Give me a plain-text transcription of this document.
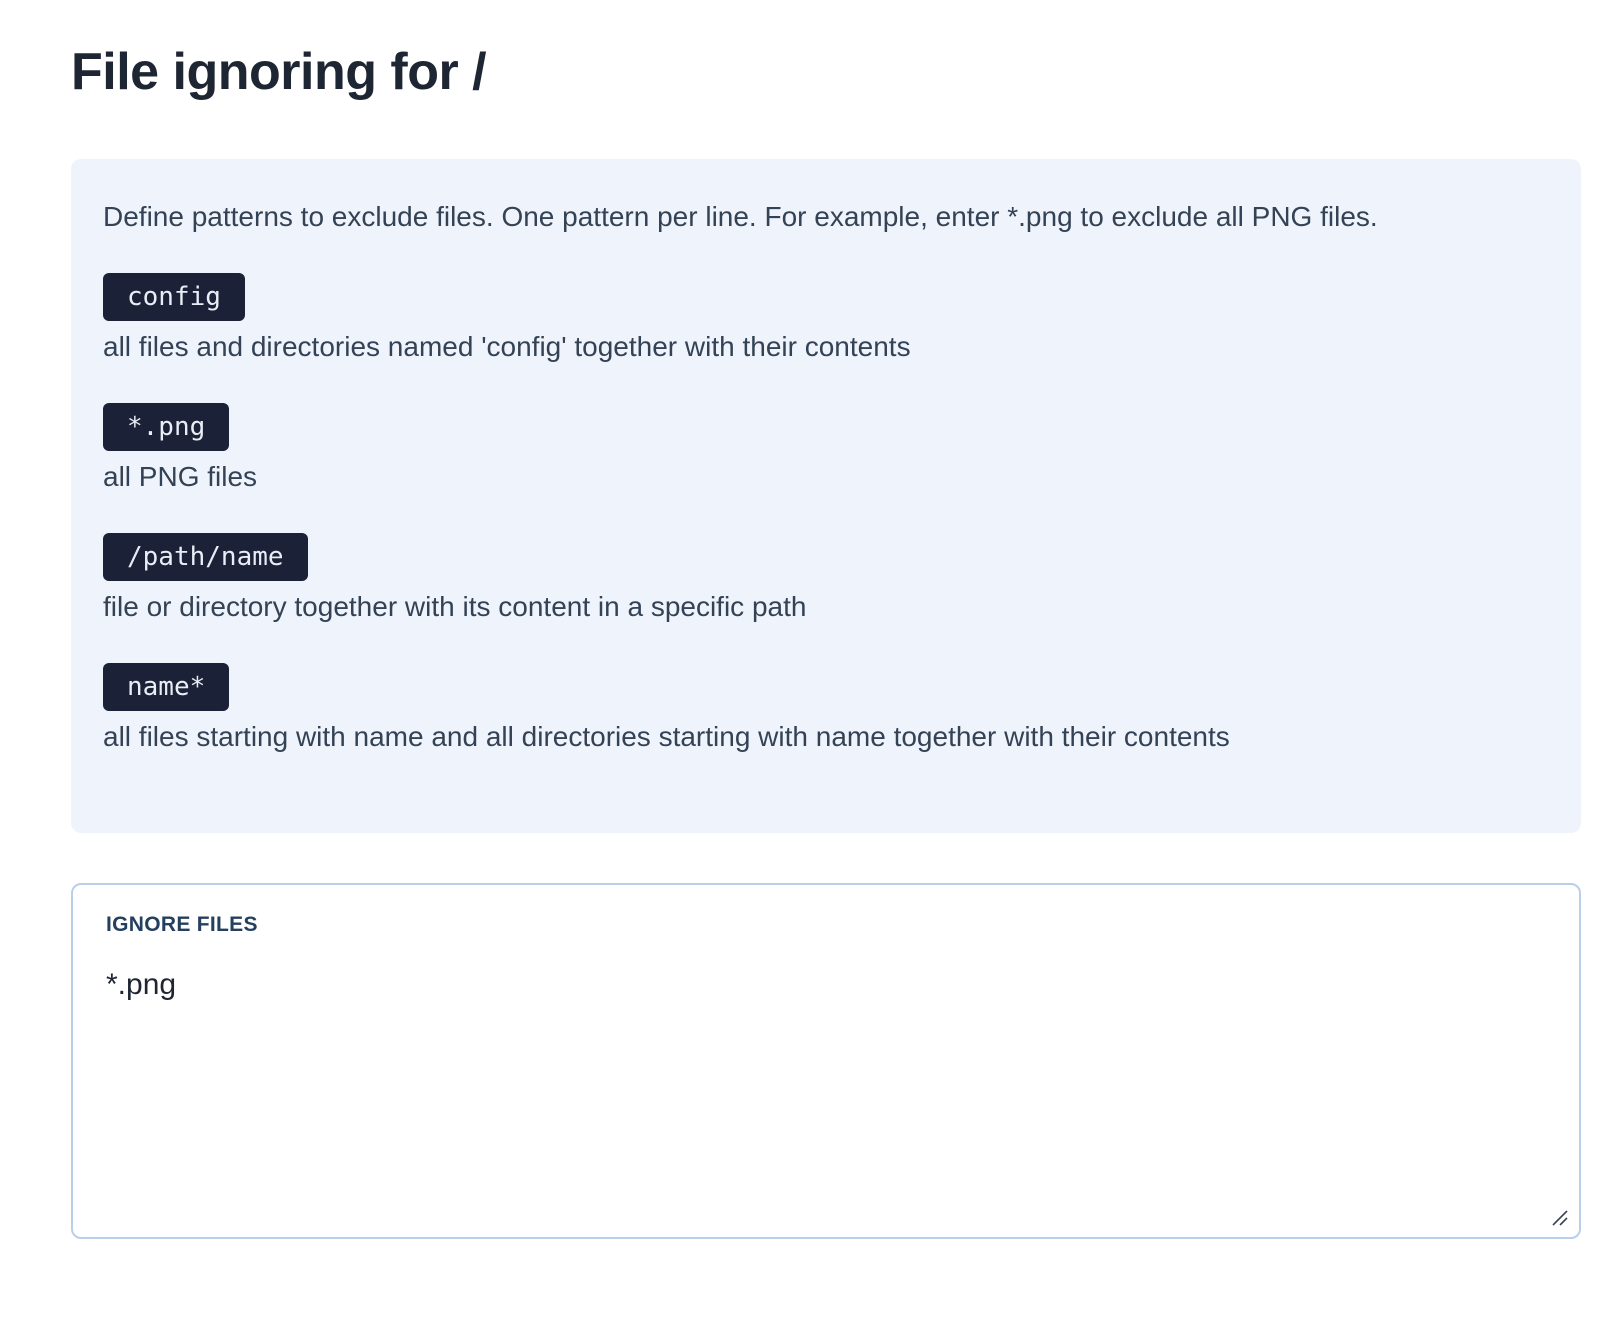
File ignoring for /

Define patterns to exclude files. One pattern per line. For example, enter *.png to exclude all PNG files.

config
all files and directories named 'config' together with their contents
*.png
all PNG files
/path/name
file or directory together with its content in a specific path
name*
all files starting with name and all directories starting with name together with their contents
IGNORE FILES
*.png
